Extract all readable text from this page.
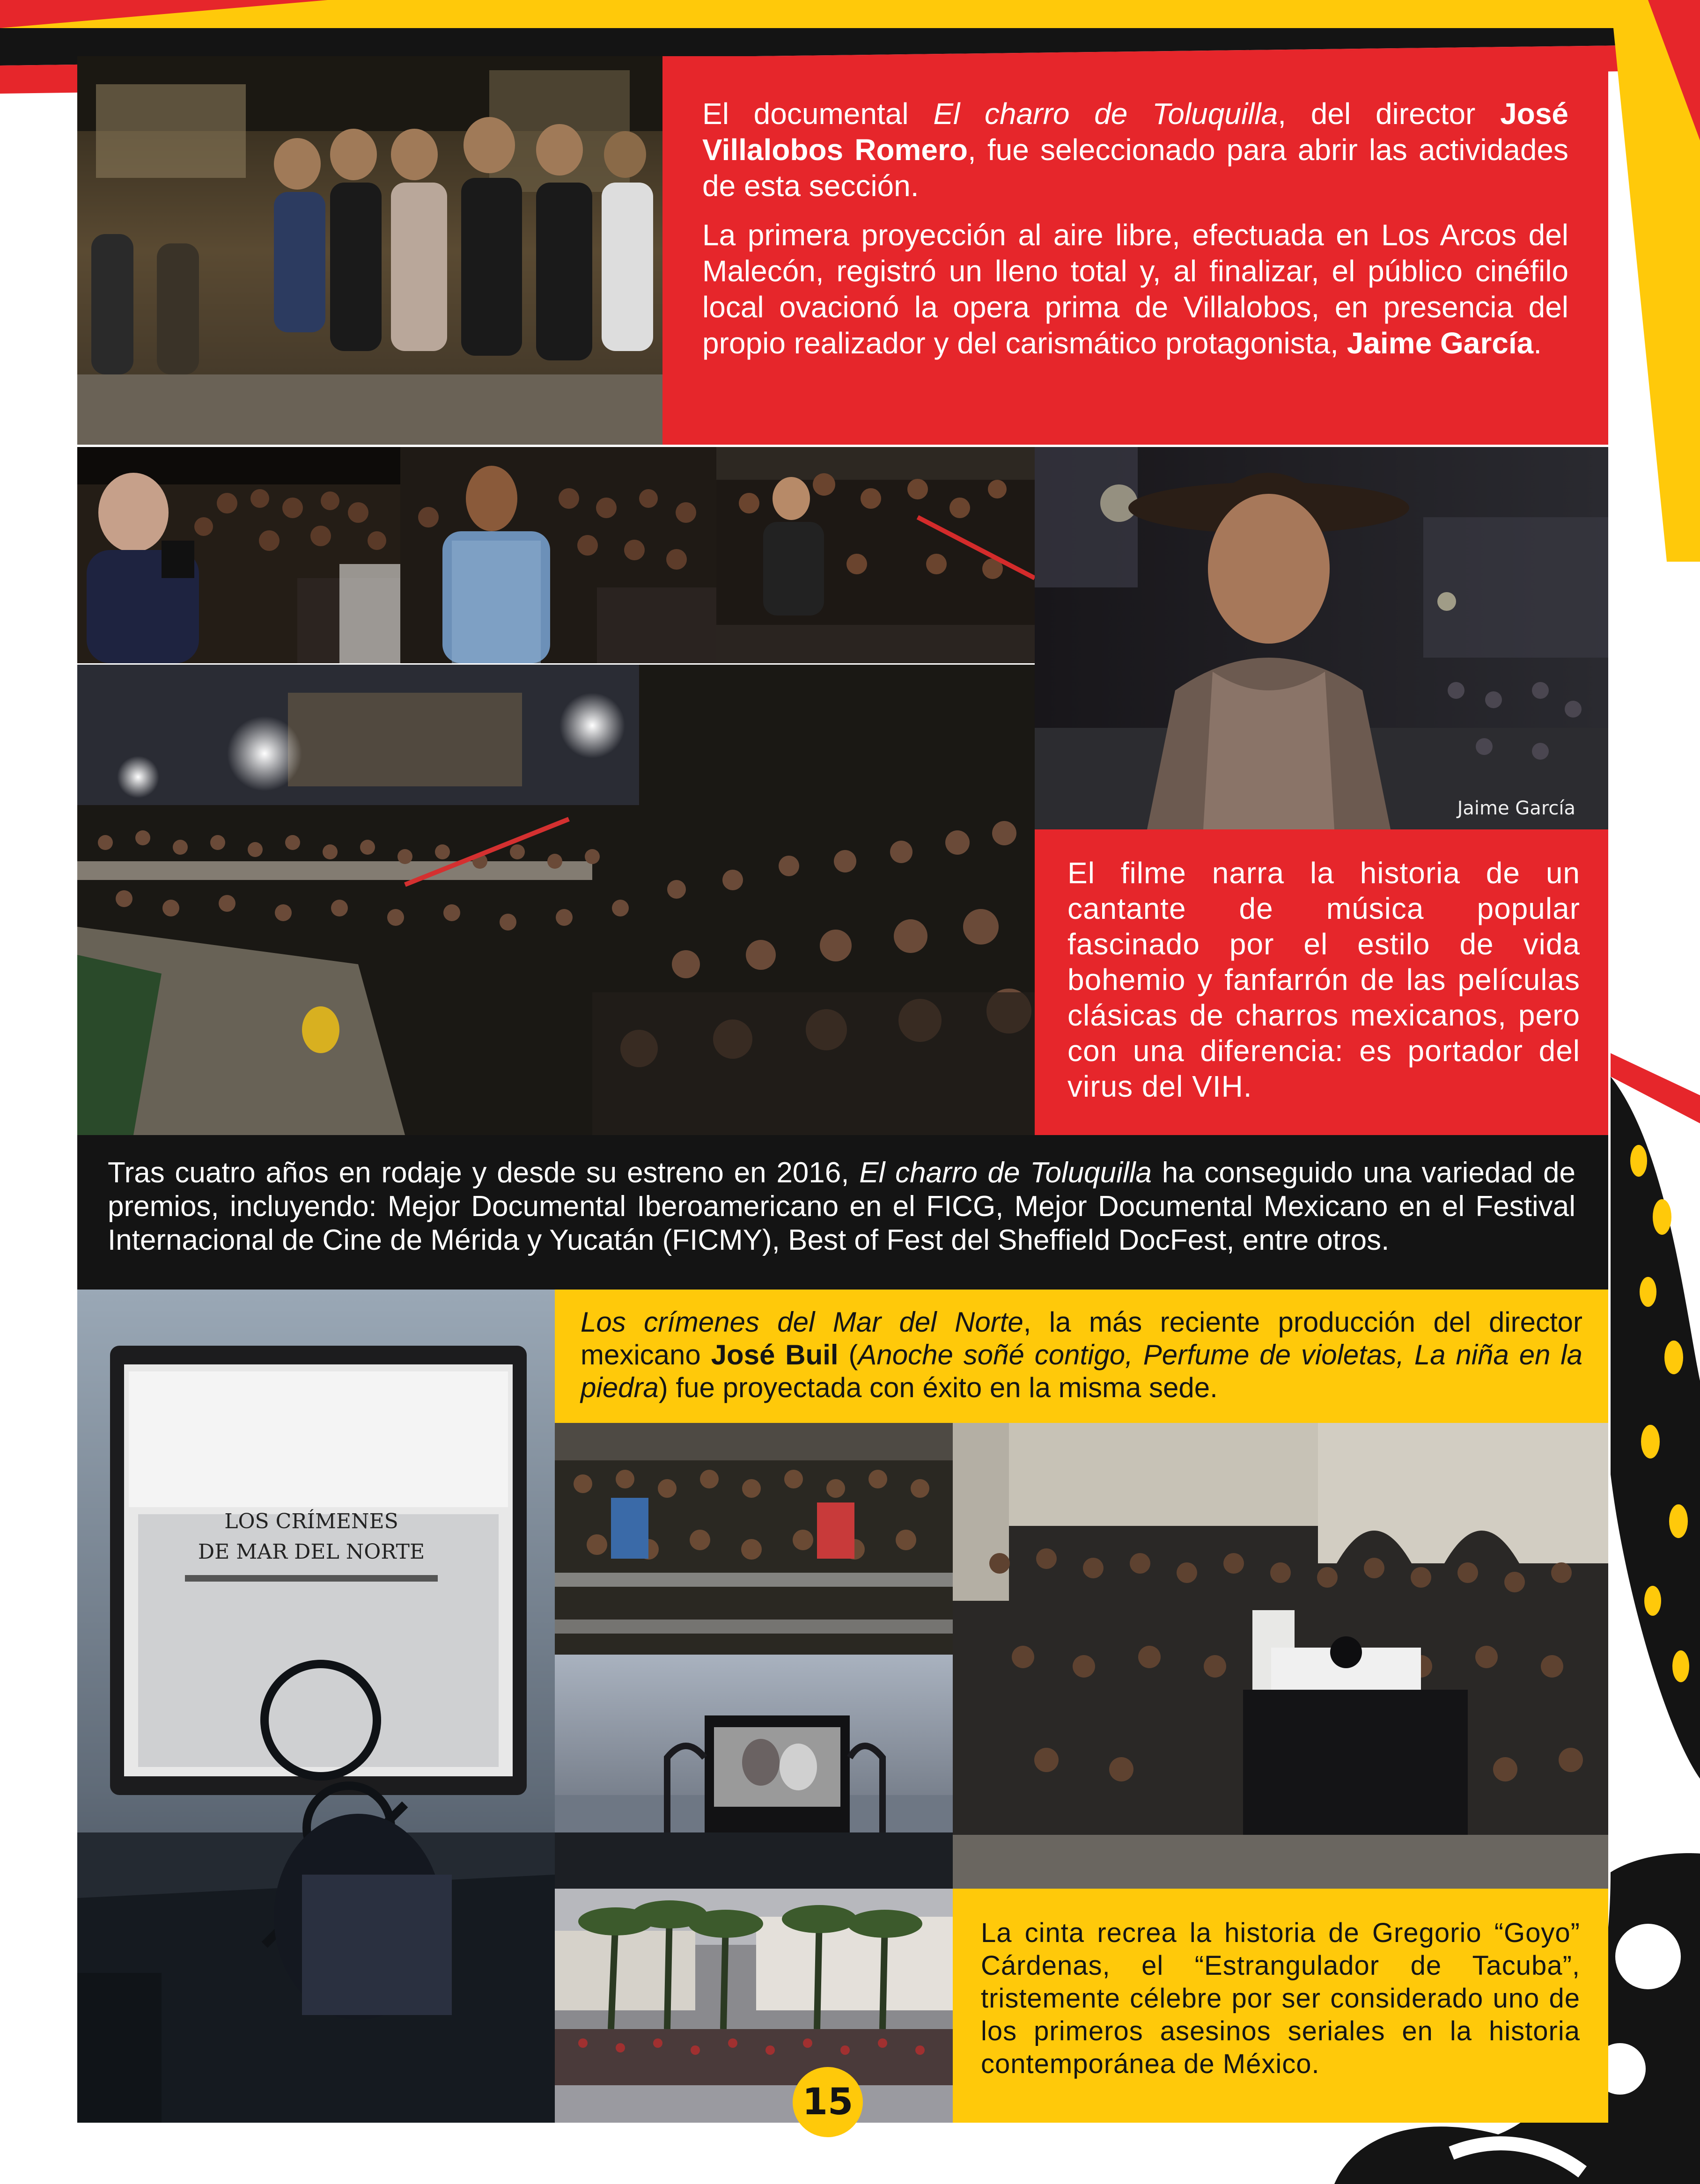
El documental El charro de Toluquilla, del director José Villalobos Romero, fue seleccionado para abrir las actividades de esta sección.

La primera proyección al aire libre, efectuada en Los Arcos del Malecón, registró un lleno total y, al finalizar, el público cinéfilo local ovacionó la opera prima de Villalobos, en presencia del propio realizador y del carismático protagonista, Jaime García.

Jaime García

El filme narra la historia de un cantante de música popular fascinado por el estilo de vida bohemio y fanfarrón de las películas clásicas de charros mexicanos, pero con una diferencia: es portador del virus del VIH.

Tras cuatro años en rodaje y desde su estreno en 2016, El charro de Toluquilla ha conseguido una variedad de premios, incluyendo: Mejor Documental Iberoamericano en el FICG, Mejor Documental Mexicano en el Festival Internacional de Cine de Mérida y Yucatán (FICMY), Best of Fest del Sheffield DocFest, entre otros.

LOS CRÍMENES
DE MAR DEL NORTE

Los crímenes del Mar del Norte, la más reciente producción del director mexicano José Buil (Anoche soñé contigo, Perfume de violetas, La niña en la piedra) fue proyectada con éxito en la misma sede.

La cinta recrea la historia de Gregorio “Goyo” Cárdenas, el “Estrangulador de Tacuba”, tristemente célebre por ser considerado uno de los primeros asesinos seriales en la historia contemporánea de México.

15
